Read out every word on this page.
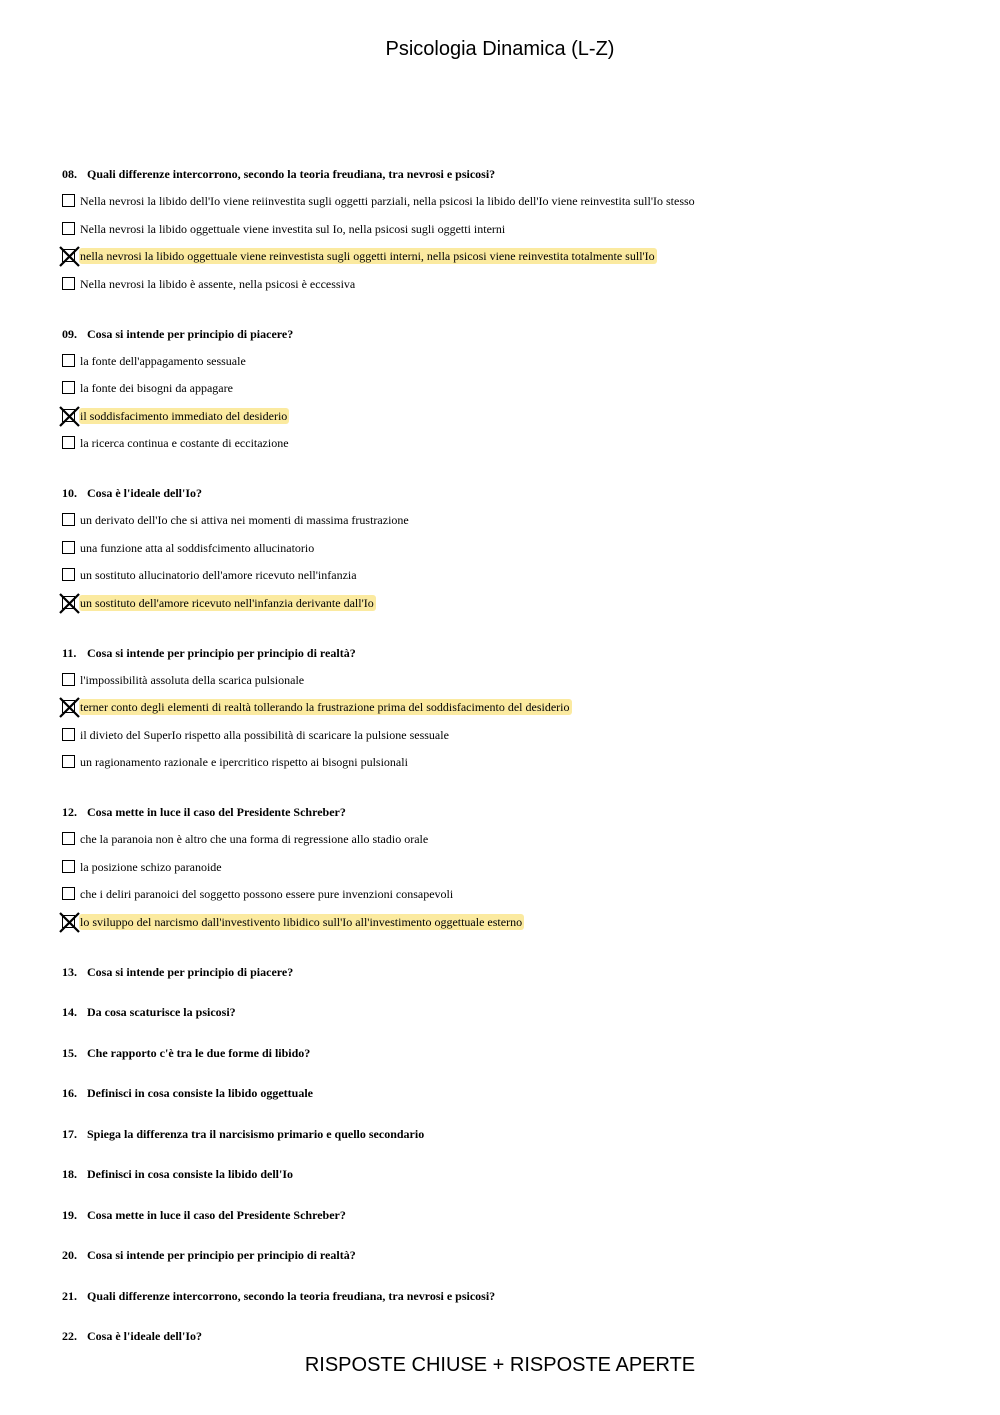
Psicologia Dinamica (L-Z)
08. Quali differenze intercorrono, secondo la teoria freudiana, tra nevrosi e psicosi?
Nella nevrosi la libido dell'Io viene reiinvestita sugli oggetti parziali, nella psicosi la libido dell'Io viene reinvestita sull'Io stesso
Nella nevrosi la libido oggettuale viene investita sul Io, nella psicosi sugli oggetti interni
nella nevrosi la libido oggettuale viene reinvestista sugli oggetti interni, nella psicosi viene reinvestita totalmente sull'Io
Nella nevrosi la libido è assente, nella psicosi è eccessiva
09. Cosa si intende per principio di piacere?
la fonte dell'appagamento sessuale
la fonte dei bisogni da appagare
il soddisfacimento immediato del desiderio
la ricerca continua e costante di eccitazione
10. Cosa è l'ideale dell'Io?
un derivato dell'Io che si attiva nei momenti di massima frustrazione
una funzione atta al soddisfcimento allucinatorio
un sostituto allucinatorio dell'amore ricevuto nell'infanzia
un sostituto dell'amore ricevuto nell'infanzia derivante dall'Io
11. Cosa si intende per principio per principio di realtà?
l'impossibilità assoluta della scarica pulsionale
terner conto degli elementi di realtà tollerando la frustrazione prima del soddisfacimento del desiderio
il divieto del SuperIo rispetto alla possibilità di scaricare la pulsione sessuale
un ragionamento razionale e ipercritico rispetto ai bisogni pulsionali
12. Cosa mette in luce il caso del Presidente Schreber?
che la paranoia non è altro che una forma di regressione allo stadio orale
la posizione schizo paranoide
che i deliri paranoici del soggetto possono essere pure invenzioni consapevoli
lo sviluppo del narcismo dall'investivento libidico sull'Io all'investimento oggettuale esterno
13. Cosa si intende per principio di piacere?
14. Da cosa scaturisce la psicosi?
15. Che rapporto c'è tra le due forme di libido?
16. Definisci in cosa consiste la libido oggettuale
17. Spiega la differenza tra il narcisismo primario e quello secondario
18. Definisci in cosa consiste la libido dell'Io
19. Cosa mette in luce il caso del Presidente Schreber?
20. Cosa si intende per principio per principio di realtà?
21. Quali differenze intercorrono, secondo la teoria freudiana, tra nevrosi e psicosi?
22. Cosa è l'ideale dell'Io?
RISPOSTE CHIUSE + RISPOSTE APERTE
